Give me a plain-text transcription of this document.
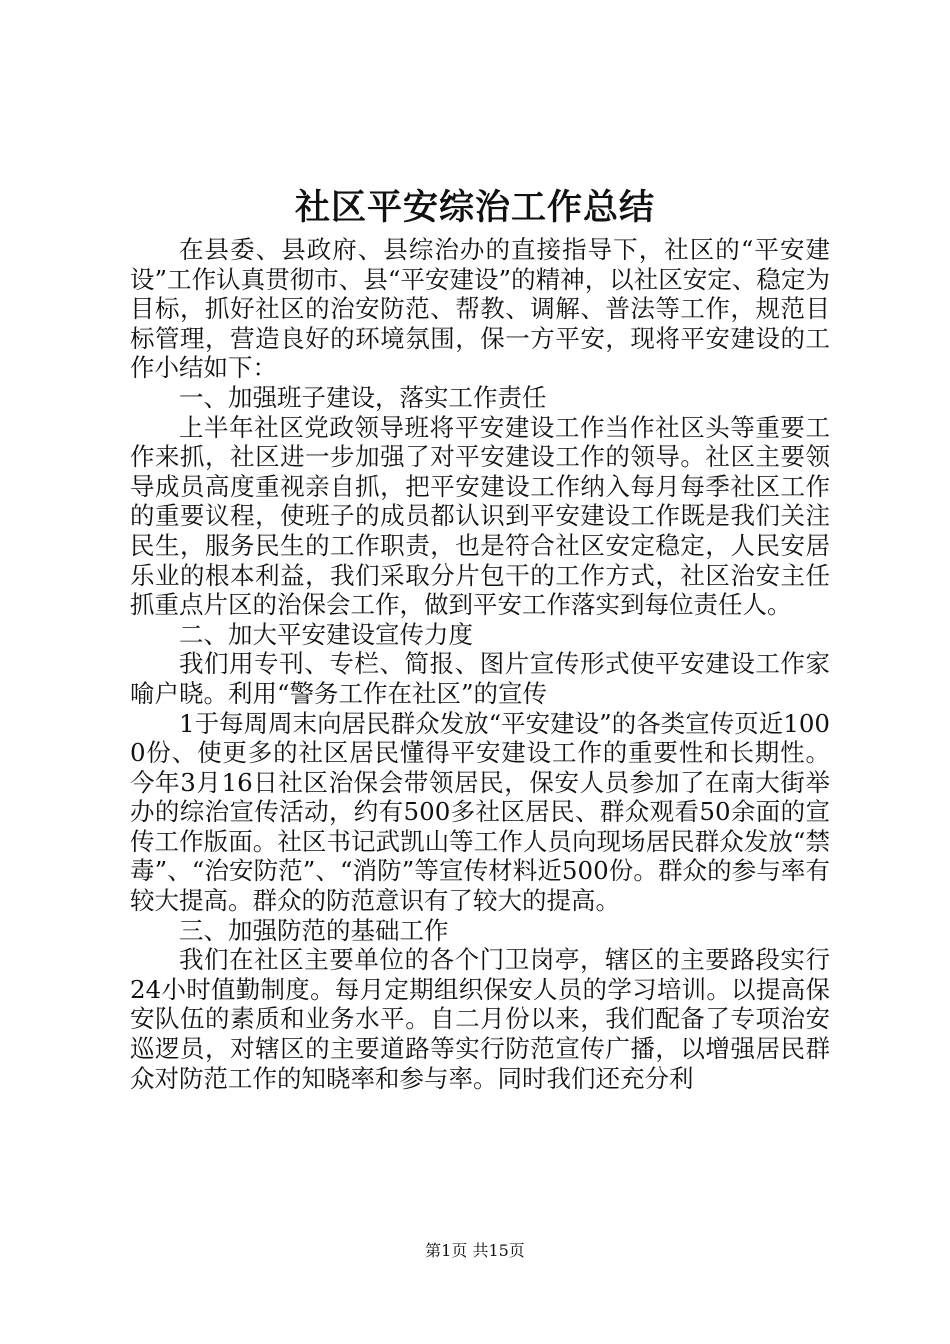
社区平安综治工作总结

在县委、县政府、县综治办的直接指导下，社区的“平安建设”工作认真贯彻市、县“平安建设”的精神，以社区安定、稳定为目标，抓好社区的治安防范、帮教、调解、普法等工作，规范目标管理，营造良好的环境氛围，保一方平安，现将平安建设的工作小结如下：

一、加强班子建设，落实工作责任

上半年社区党政领导班将平安建设工作当作社区头等重要工作来抓，社区进一步加强了对平安建设工作的领导。社区主要领导成员高度重视亲自抓，把平安建设工作纳入每月每季社区工作的重要议程，使班子的成员都认识到平安建设工作既是我们关注民生，服务民生的工作职责，也是符合社区安定稳定，人民安居乐业的根本利益，我们采取分片包干的工作方式，社区治安主任抓重点片区的治保会工作，做到平安工作落实到每位责任人。

二、加大平安建设宣传力度

我们用专刊、专栏、简报、图片宣传形式使平安建设工作家喻户晓。利用“警务工作在社区”的宣传

1于每周周末向居民群众发放“平安建设”的各类宣传页近1000份、使更多的社区居民懂得平安建设工作的重要性和长期性。今年3月16日社区治保会带领居民，保安人员参加了在南大街举办的综治宣传活动，约有500多社区居民、群众观看50余面的宣传工作版面。社区书记武凯山等工作人员向现场居民群众发放“禁毒”、“治安防范”、“消防”等宣传材料近500份。群众的参与率有较大提高。群众的防范意识有了较大的提高。

三、加强防范的基础工作

我们在社区主要单位的各个门卫岗亭，辖区的主要路段实行24小时值勤制度。每月定期组织保安人员的学习培训。以提高保安队伍的素质和业务水平。自二月份以来，我们配备了专项治安巡逻员，对辖区的主要道路等实行防范宣传广播，以增强居民群众对防范工作的知晓率和参与率。同时我们还充分利

第1页 共15页
